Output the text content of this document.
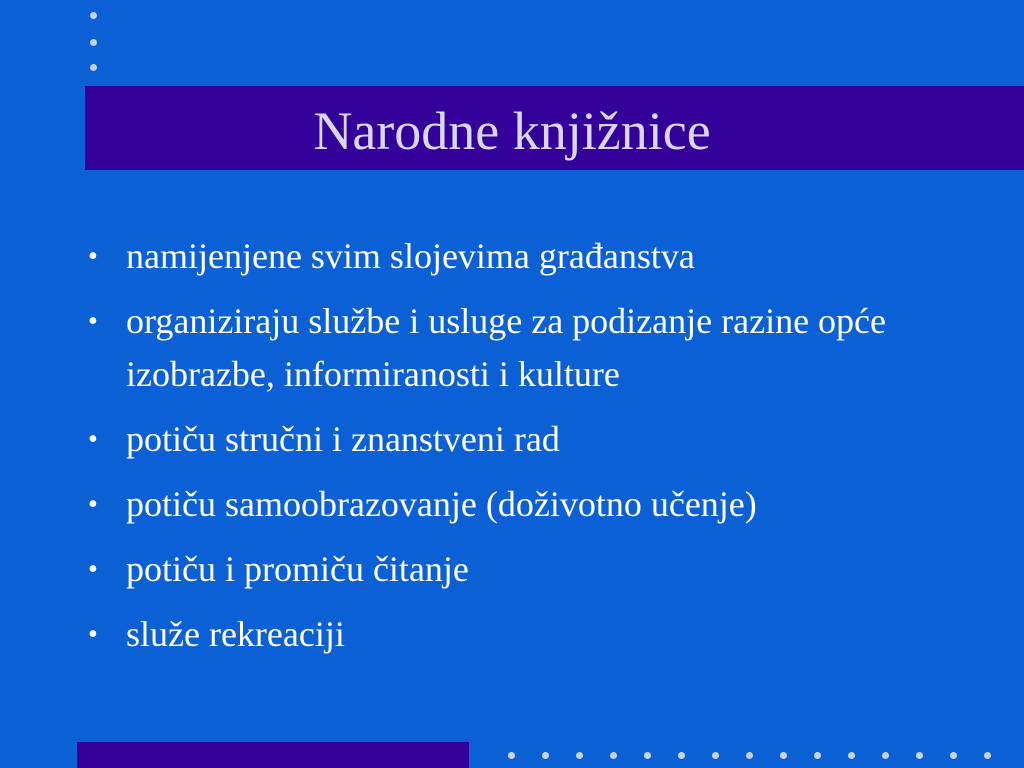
Narodne knjižnice
• namijenjene svim slojevima građanstva
• organiziraju službe i usluge za podizanje razine opće izobrazbe, informiranosti i kulture
• potiču stručni i znanstveni rad
• potiču samoobrazovanje (doživotno učenje)
• potiču i promiču čitanje
• služe rekreaciji
